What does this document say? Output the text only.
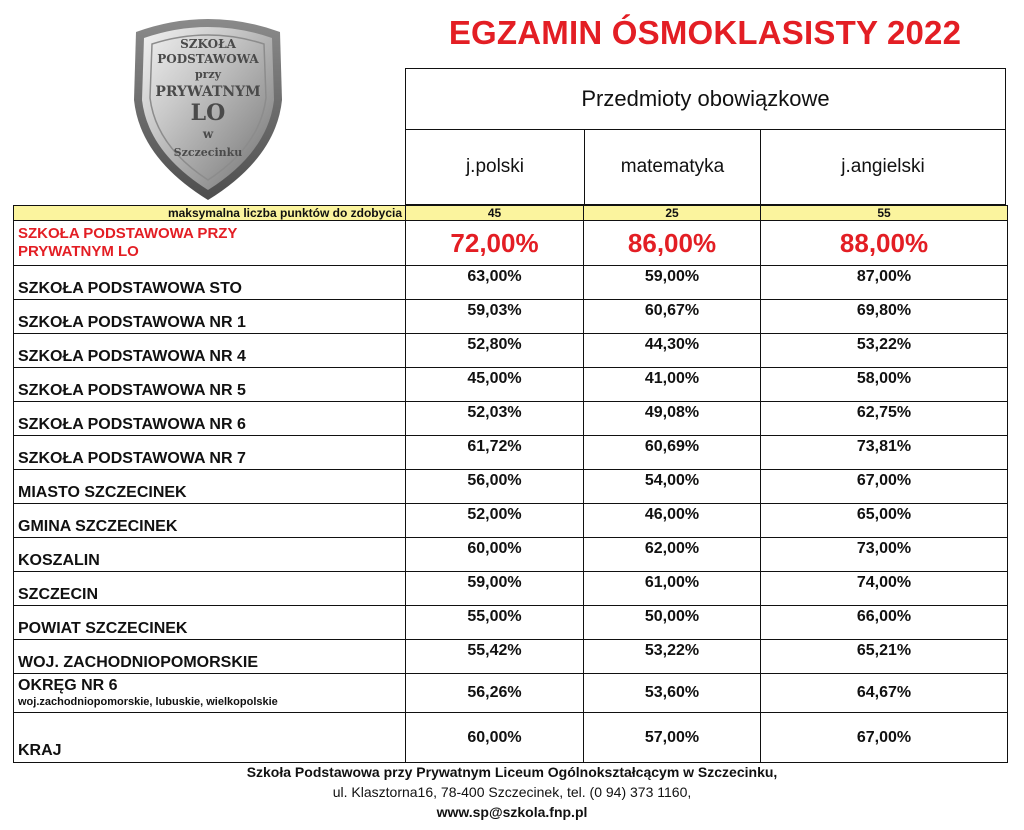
EGZAMIN ÓSMOKLASISTY 2022
SZKOŁA
PODSTAWOWA
przy
PRYWATNYM
LO
w
Szczecinku
Przedmioty obowiązkowe
j.polski	matematyka	j.angielski
maksymalna liczba punktów do zdobycia	45	25	55
SZKOŁA PODSTAWOWA PRZY
PRYWATNYM LO	72,00%	86,00%	88,00%
SZKOŁA PODSTAWOWA STO	63,00%	59,00%	87,00%
SZKOŁA PODSTAWOWA NR 1	59,03%	60,67%	69,80%
SZKOŁA PODSTAWOWA NR 4	52,80%	44,30%	53,22%
SZKOŁA PODSTAWOWA NR 5	45,00%	41,00%	58,00%
SZKOŁA PODSTAWOWA NR 6	52,03%	49,08%	62,75%
SZKOŁA PODSTAWOWA NR 7	61,72%	60,69%	73,81%
MIASTO SZCZECINEK	56,00%	54,00%	67,00%
GMINA SZCZECINEK	52,00%	46,00%	65,00%
KOSZALIN	60,00%	62,00%	73,00%
SZCZECIN	59,00%	61,00%	74,00%
POWIAT SZCZECINEK	55,00%	50,00%	66,00%
WOJ. ZACHODNIOPOMORSKIE	55,42%	53,22%	65,21%
OKRĘG NR 6
woj.zachodniopomorskie, lubuskie, wielkopolskie	56,26%	53,60%	64,67%
KRAJ	60,00%	57,00%	67,00%
Szkoła Podstawowa przy Prywatnym Liceum Ogólnokształcącym w Szczecinku,
ul. Klasztorna16, 78-400 Szczecinek, tel. (0 94) 373 1160,
www.sp@szkola.fnp.pl
